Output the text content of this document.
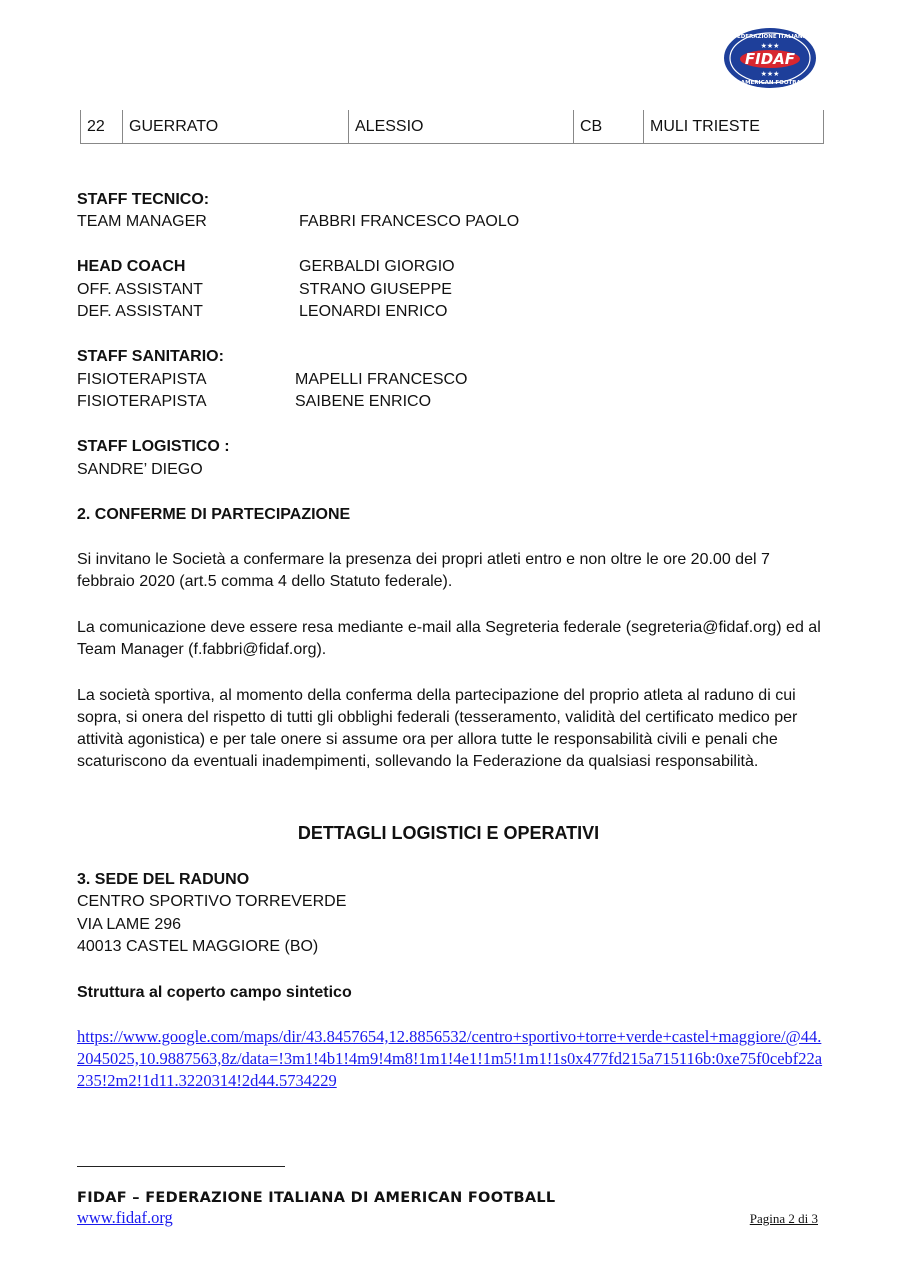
FEDERAZIONE ITALIANA
DI AMERICAN FOOTBALL
★★★
FIDAF
★★★
22	GUERRATO	ALESSIO	CB	MULI TRIESTE
STAFF TECNICO:
TEAM MANAGER	FABBRI FRANCESCO PAOLO
HEAD COACH	GERBALDI GIORGIO
OFF. ASSISTANT	STRANO GIUSEPPE
DEF. ASSISTANT	LEONARDI ENRICO
STAFF SANITARIO:
FISIOTERAPISTA	MAPELLI FRANCESCO
FISIOTERAPISTA	SAIBENE ENRICO
STAFF LOGISTICO :
SANDRE’ DIEGO
2. CONFERME DI PARTECIPAZIONE
Si invitano le Società a confermare la presenza dei propri atleti entro e non oltre le ore 20.00 del 7 febbraio 2020 (art.5 comma 4 dello Statuto federale).
La comunicazione deve essere resa mediante e-mail alla Segreteria federale (segreteria@fidaf.org) ed al Team Manager (f.fabbri@fidaf.org).
La società sportiva, al momento della conferma della partecipazione del proprio atleta al raduno di cui sopra, si onera del rispetto di tutti gli obblighi federali (tesseramento, validità del certificato medico per attività agonistica) e per tale onere si assume ora per allora tutte le responsabilità civili e penali che scaturiscono da eventuali inadempimenti, sollevando la Federazione da qualsiasi responsabilità.
DETTAGLI LOGISTICI E OPERATIVI
3. SEDE DEL RADUNO
CENTRO SPORTIVO TORREVERDE
VIA LAME 296
40013 CASTEL MAGGIORE (BO)
Struttura al coperto campo sintetico
https://www.google.com/maps/dir/43.8457654,12.8856532/centro+sportivo+torre+verde+castel+maggiore/@44.2045025,10.9887563,8z/data=!3m1!4b1!4m9!4m8!1m1!4e1!1m5!1m1!1s0x477fd215a715116b:0xe75f0cebf22a235!2m2!1d11.3220314!2d44.5734229
FIDAF – FEDERAZIONE ITALIANA DI AMERICAN FOOTBALL
www.fidaf.org	Pagina 2 di 3
